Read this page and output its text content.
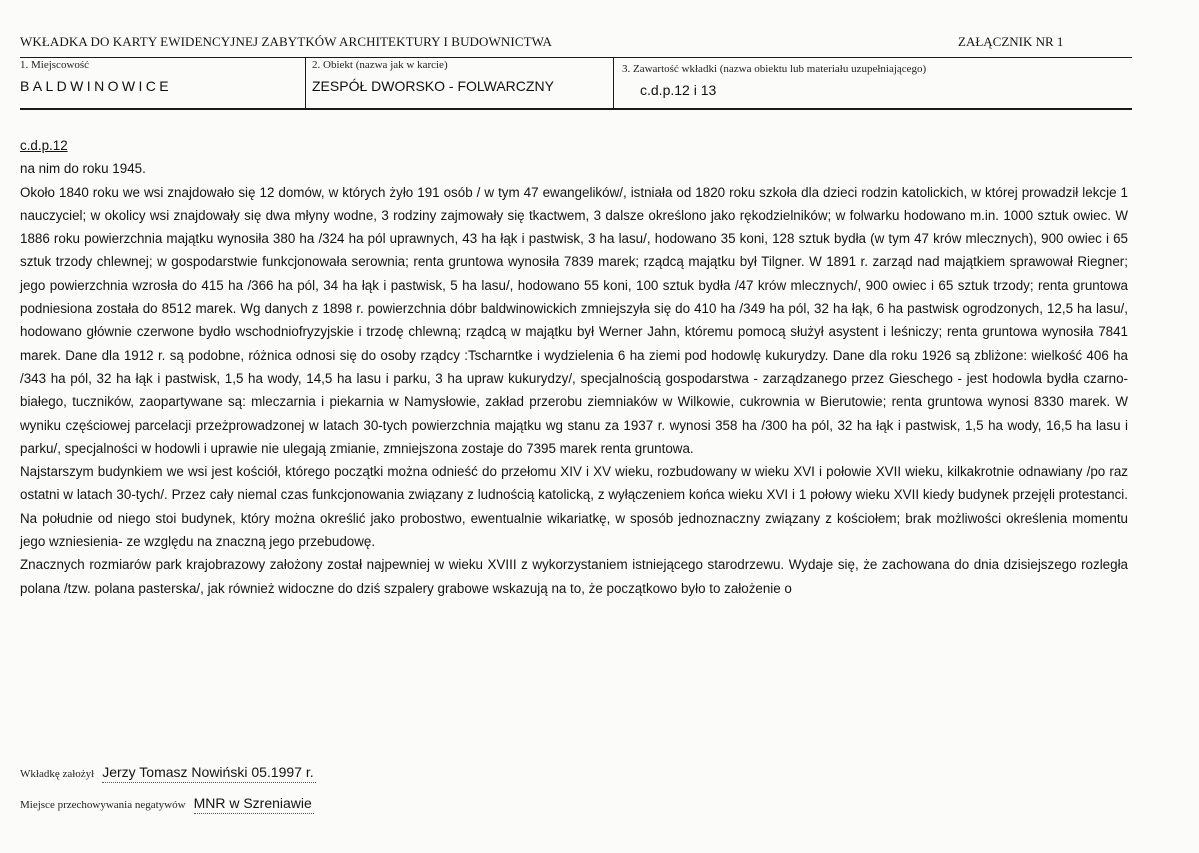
WKŁADKA DO KARTY EWIDENCYJNEJ ZABYTKÓW ARCHITEKTURY I BUDOWNICTWA	ZAŁĄCZNIK NR 1
1. Miejscowość
BALDWINOWICE
2. Obiekt (nazwa jak w karcie)
ZESPÓŁ DWORSKO - FOLWARCZNY
3. Zawartość wkładki (nazwa obiektu lub materiału uzupełniającego)
c.d.p.12 i 13

c.d.p.12

na nim do roku 1945.

Około 1840 roku we wsi znajdowało się 12 domów, w których żyło 191 osób / w tym 47 ewangelików/, istniała od 1820 roku szkoła dla dzieci rodzin katolickich, w której prowadził lekcje 1 nauczyciel; w okolicy wsi znajdowały się dwa młyny wodne, 3 rodziny zajmowały się tkactwem, 3 dalsze określono jako rękodzielników; w folwarku hodowano m.in. 1000 sztuk owiec. W 1886 roku powierzchnia majątku wynosiła 380 ha /324 ha pól uprawnych, 43 ha łąk i pastwisk, 3 ha lasu/, hodowano 35 koni, 128 sztuk bydła (w tym 47 krów mlecznych), 900 owiec i 65 sztuk trzody chlewnej; w gospodarstwie funkcjonowała serownia; renta gruntowa wynosiła 7839 marek; rządcą majątku był Tilgner. W 1891 r. zarząd nad majątkiem sprawował Riegner; jego powierzchnia wzrosła do 415 ha /366 ha pól, 34 ha łąk i pastwisk, 5 ha lasu/, hodowano 55 koni, 100 sztuk bydła /47 krów mlecznych/, 900 owiec i 65 sztuk trzody; renta gruntowa podniesiona została do 8512 marek. Wg danych z 1898 r. powierzchnia dóbr baldwinowickich zmniejszyła się do 410 ha /349 ha pól, 32 ha łąk, 6 ha pastwisk ogrodzonych, 12,5 ha lasu/, hodowano głównie czerwone bydło wschodniofryzyjskie i trzodę chlewną; rządcą w majątku był Werner Jahn, któremu pomocą służył asystent i leśniczy; renta gruntowa wynosiła 7841 marek. Dane dla 1912 r. są podobne, różnica odnosi się do osoby rządcy :Tscharntke i wydzielenia 6 ha ziemi pod hodowlę kukurydzy. Dane dla roku 1926 są zbliżone: wielkość 406 ha /343 ha pól, 32 ha łąk i pastwisk, 1,5 ha wody, 14,5 ha lasu i parku, 3 ha upraw kukurydzy/, specjalnością gospodarstwa - zarządzanego przez Gieschego - jest hodowla bydła czarno-białego, tuczników, zaopartywane są: mleczarnia i piekarnia w Namysłowie, zakład przerobu ziemniaków w Wilkowie, cukrownia w Bierutowie; renta gruntowa wynosi 8330 marek. W wyniku częściowej parcelacji przeżprowadzonej w latach 30-tych powierzchnia majątku wg stanu za 1937 r. wynosi 358 ha /300 ha pól, 32 ha łąk i pastwisk, 1,5 ha wody, 16,5 ha lasu i parku/, specjalności w hodowli i uprawie nie ulegają zmianie, zmniejszona zostaje do 7395 marek renta gruntowa.

Najstarszym budynkiem we wsi jest kościół, którego początki można odnieść do przełomu XIV i XV wieku, rozbudowany w wieku XVI i połowie XVII wieku, kilkakrotnie odnawiany /po raz ostatni w latach 30-tych/. Przez cały niemal czas funkcjonowania związany z ludnością katolicką, z wyłączeniem końca wieku XVI i 1 połowy wieku XVII kiedy budynek przejęli protestanci. Na południe od niego stoi budynek, który można określić jako probostwo, ewentualnie wikariatkę, w sposób jednoznaczny związany z kościołem; brak możliwości określenia momentu jego wzniesienia- ze względu na znaczną jego przebudowę.

Znacznych rozmiarów park krajobrazowy założony został najpewniej w wieku XVIII z wykorzystaniem istniejącego starodrzewu. Wydaje się, że zachowana do dnia dzisiejszego rozległa polana /tzw. polana pasterska/, jak również widoczne do dziś szpalery grabowe wskazują na to, że początkowo było to założenie o

Wkładkę założył Jerzy Tomasz Nowiński 05.1997 r.
Miejsce przechowywania negatywów MNR w Szreniawie
